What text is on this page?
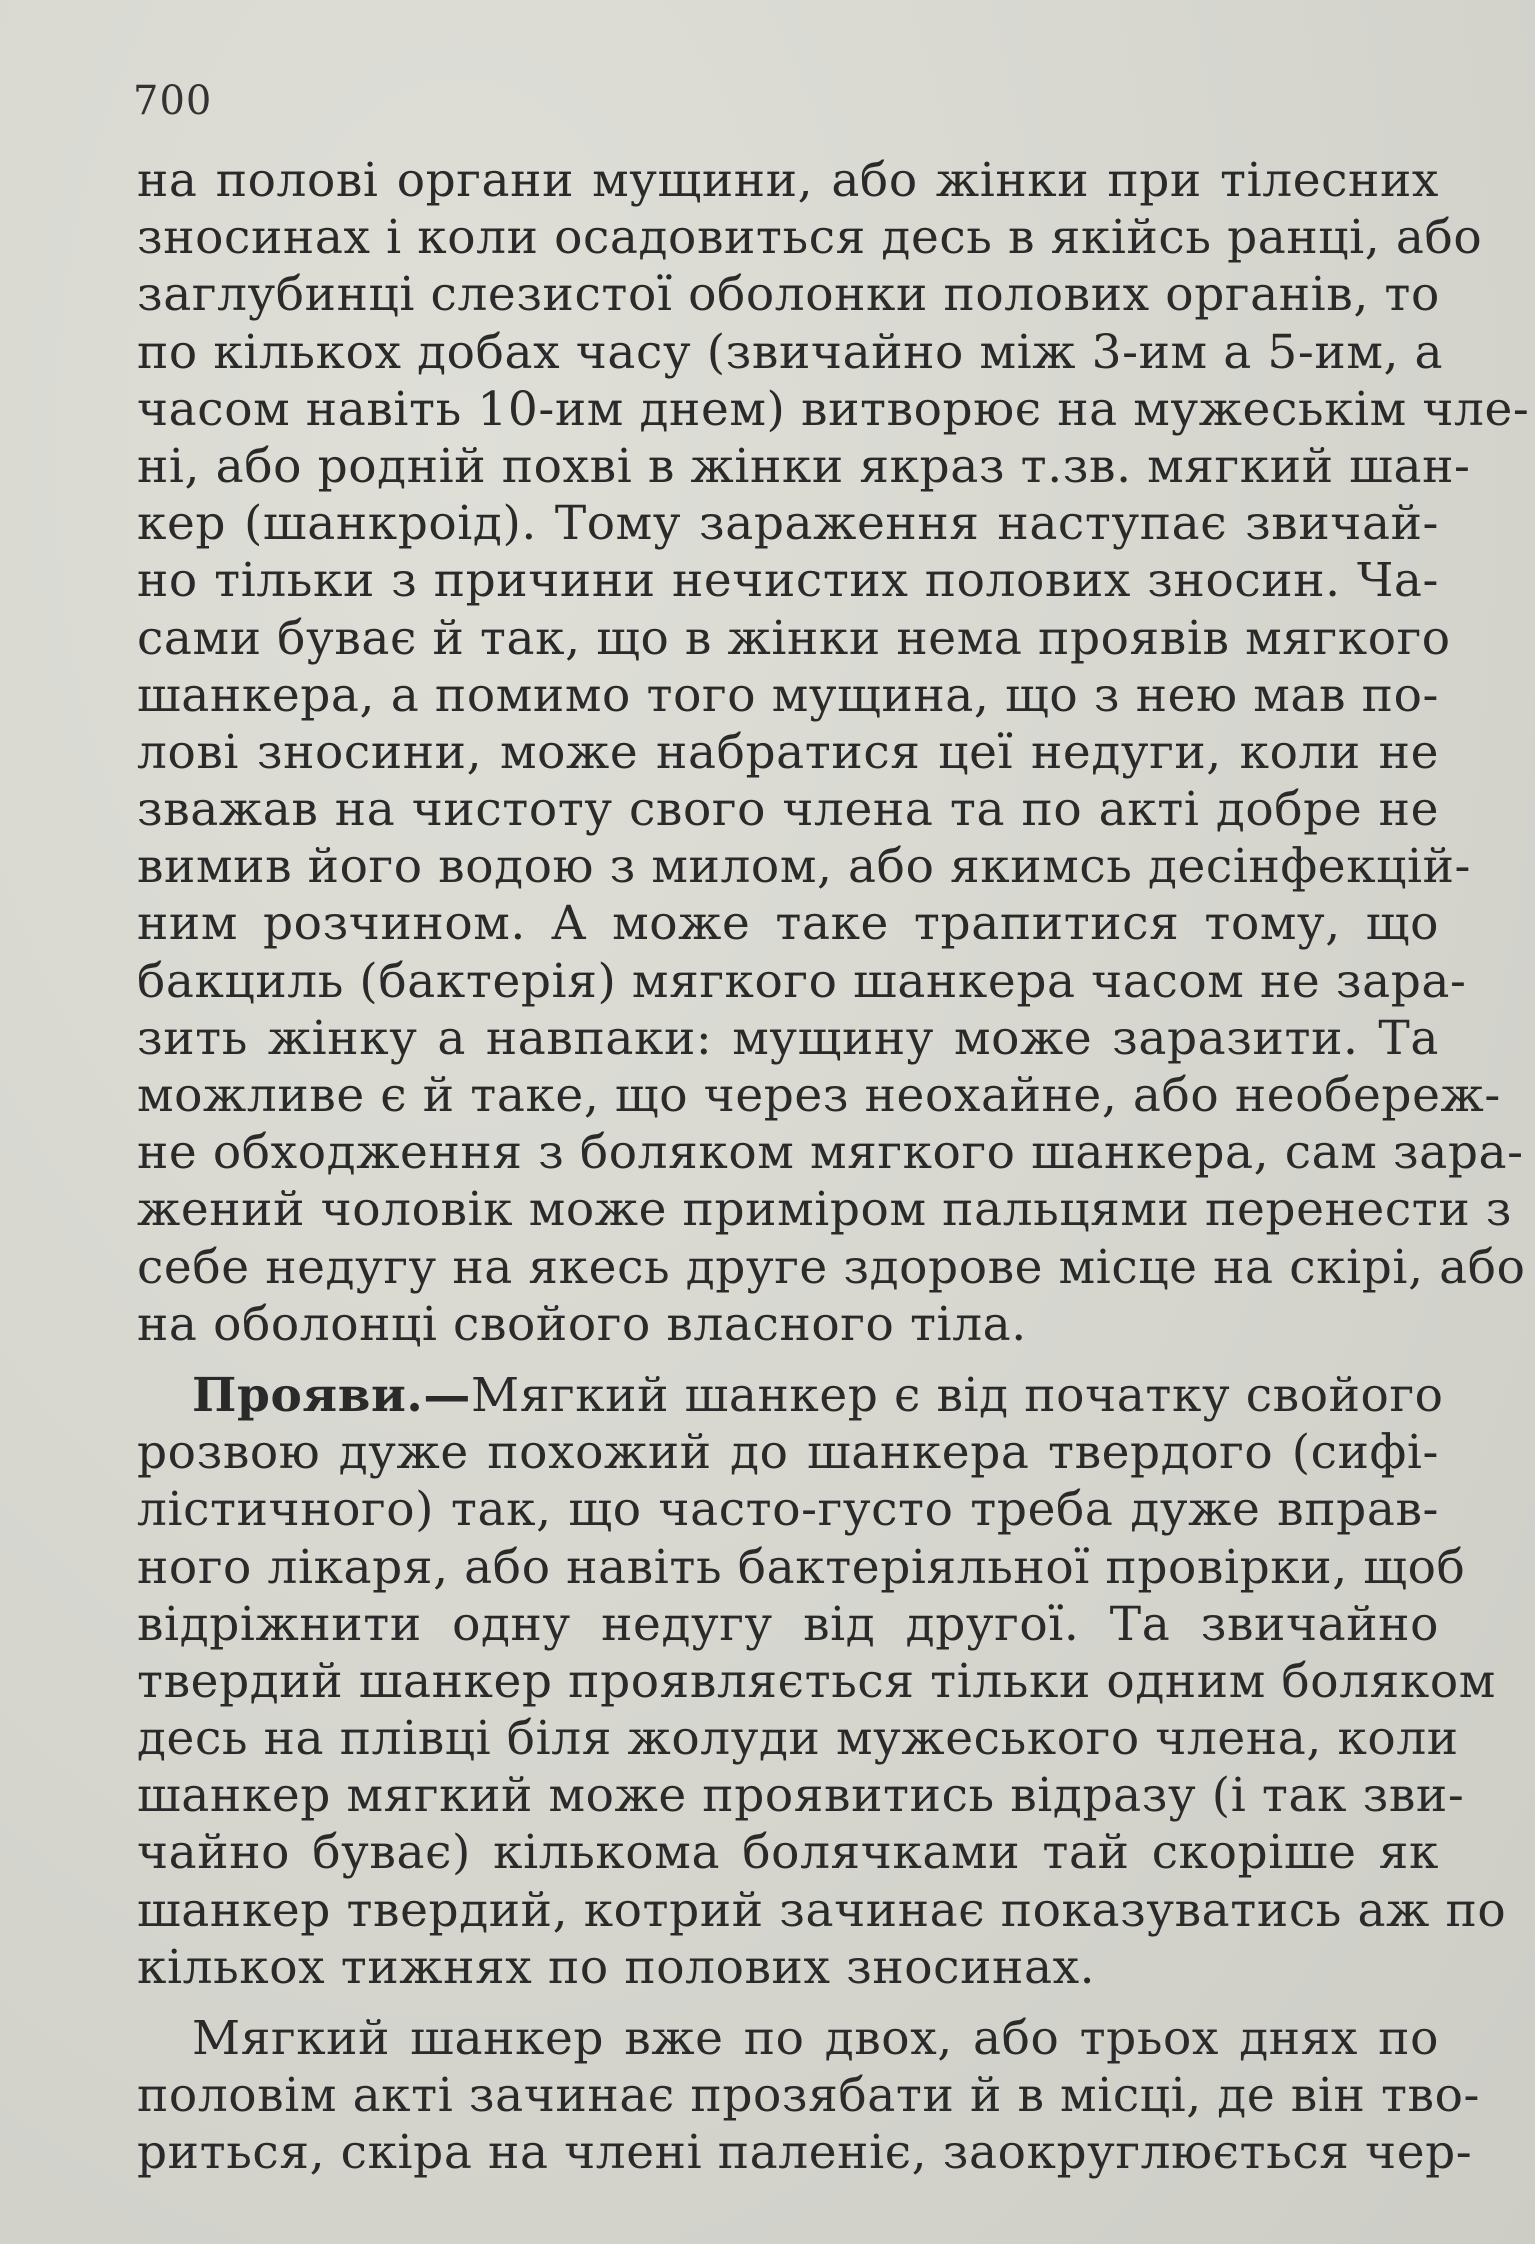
700
на полові органи мущини, або жінки при тілесних
зносинах і коли осадовиться десь в якійсь ранці, або
заглубинці слезистої оболонки полових органів, то
по кількох добах часу (звичайно між 3-им а 5-им, а
часом навіть 10-им днем) витворює на мужеськім чле-
ні, або родній похві в жінки якраз т.зв. мягкий шан-
кер (шанкроід). Тому зараження наступає звичай-
но тільки з причини нечистих полових зносин. Ча-
сами буває й так, що в жінки нема проявів мягкого
шанкера, а помимо того мущина, що з нею мав по-
лові зносини, може набратися цеї недуги, коли не
зважав на чистоту свого члена та по акті добре не
вимив його водою з милом, або якимсь десінфекцій-
ним розчином. А може таке трапитися тому, що
бакциль (бактерія) мягкого шанкера часом не зара-
зить жінку а навпаки: мущину може заразити. Та
можливе є й таке, що через неохайне, або необереж-
не обходження з боляком мягкого шанкера, сам зара-
жений чоловік може приміром пальцями перенести з
себе недугу на якесь друге здорове місце на скірі, або
на оболонці свойого власного тіла.
Прояви.—Мягкий шанкер є від початку свойого
розвою дуже похожий до шанкера твердого (сифі-
лістичного) так, що часто-густо треба дуже вправ-
ного лікаря, або навіть бактеріяльної провірки, щоб
відріжнити одну недугу від другої. Та звичайно
твердий шанкер проявляється тільки одним боляком
десь на плівці біля жолуди мужеського члена, коли
шанкер мягкий може проявитись відразу (і так зви-
чайно буває) кількома болячками тай скоріше як
шанкер твердий, котрий зачинає показуватись аж по
кількох тижнях по полових зносинах.
Мягкий шанкер вже по двох, або трьох днях по
половім акті зачинає прозябати й в місці, де він тво-
риться, скіра на члені паленіє, заокруглюється чер-
